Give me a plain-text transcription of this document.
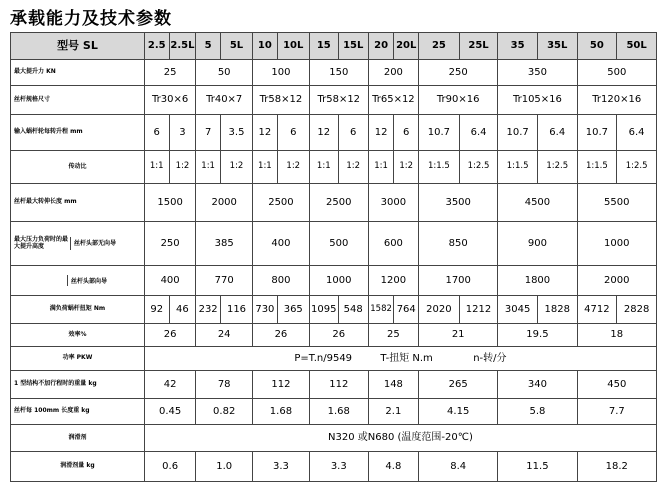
承载能力及技术参数
型号 SL	2.5	2.5L	5	5L	10	10L	15	15L	20	20L	25	25L	35	35L	50	50L
最大提升力 KN	25		50		100		150		200		250		350		500	
丝杆规格尺寸	Tr30×6		Tr40×7		Tr58×12		Tr58×12		Tr65×12		Tr90×16		Tr105×16		Tr120×16	
输入蜗杆轮每转升程 mm	6	3	7	3.5	12	6	12	6	12	6	10.7	6.4	10.7	6.4	10.7	6.4
传动比	1:1	1:2	1:1	1:2	1:1	1:2	1:1	1:2	1:1	1:2	1:1.5	1:2.5	1:1.5	1:2.5	1:1.5	1:2.5
丝杆最大转伸长度 mm	1500		2000		2500		2500		3000		3500		4500		5500	

最大压力负荷时的最大提升高度 丝杆头部无向导	250		385		400		500		600		850		900		1000	

丝杆头部向导	400		770		800		1000		1200		1700		1800		2000	
满负荷蜗杆扭矩 Nm	92	46	232	116	730	365	1095	548	1582	764	2020	1212	3045	1828	4712	2828
效率%	26		24		26		26		25		21		19.5		18	
功率 PKW	P=T.n/9549 T-扭矩 N.m n-转/分															
1 型结构不加行程时的重量 kg	42		78		112		112		148		265		340		450	
丝杆每 100mm 长度重 kg	0.45		0.82		1.68		1.68		2.1		4.15		5.8		7.7	
润滑剂	N320 或N680 (温度范围-20℃)															
润滑剂量 kg	0.6		1.0		3.3		3.3		4.8		8.4		11.5		18.2	
